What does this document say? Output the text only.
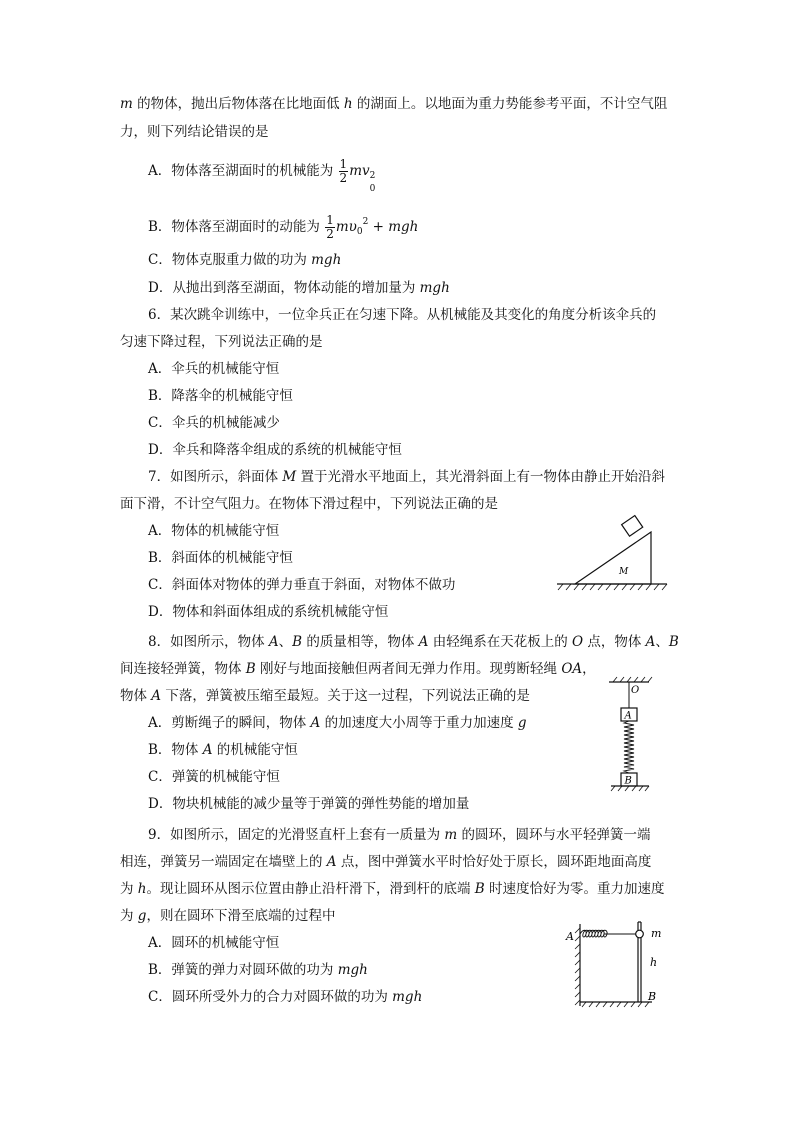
m 的物体，抛出后物体落在比地面低 h 的湖面上。以地面为重力势能参考平面，不计空气阻
力，则下列结论错误的是
A．物体落至湖面时的机械能为 $\frac{1}{2}$ mv 2
0
B．物体落至湖面时的动能为 $\frac{1}{2} m\upsilon_0^2$ + mgh
C．物体克服重力做的功为 mgh
D．从抛出到落至湖面，物体动能的增加量为 mgh
6．某次跳伞训练中，一位伞兵正在匀速下降。从机械能及其变化的角度分析该伞兵的
匀速下降过程，下列说法正确的是
A．伞兵的机械能守恒
B．降落伞的机械能守恒
C．伞兵的机械能减少
D．伞兵和降落伞组成的系统的机械能守恒
7．如图所示，斜面体 M 置于光滑水平地面上，其光滑斜面上有一物体由静止开始沿斜
面下滑，不计空气阻力。在物体下滑过程中，下列说法正确的是
A．物体的机械能守恒
B．斜面体的机械能守恒
C．斜面体对物体的弹力垂直于斜面，对物体不做功
D．物体和斜面体组成的系统机械能守恒
M
8．如图所示，物体 A、B 的质量相等，物体 A 由轻绳系在天花板上的 O 点，物体 A、B
间连接轻弹簧，物体 B 刚好与地面接触但两者间无弹力作用。现剪断轻绳 OA，
物体 A 下落，弹簧被压缩至最短。关于这一过程，下列说法正确的是
A．剪断绳子的瞬间，物体 A 的加速度大小周等于重力加速度 g
B．物体 A 的机械能守恒
C．弹簧的机械能守恒
D．物块机械能的减少量等于弹簧的弹性势能的增加量
O
A
B
9．如图所示，固定的光滑竖直杆上套有一质量为 m 的圆环，圆环与水平轻弹簧一端
相连，弹簧另一端固定在墙壁上的 A 点，图中弹簧水平时恰好处于原长，圆环距地面高度
为 h。现让圆环从图示位置由静止沿杆滑下，滑到杆的底端 B 时速度恰好为零。重力加速度
为 g，则在圆环下滑至底端的过程中
A．圆环的机械能守恒
B．弹簧的弹力对圆环做的功为 mgh
C．圆环所受外力的合力对圆环做的功为 mgh
A	m
h
B
